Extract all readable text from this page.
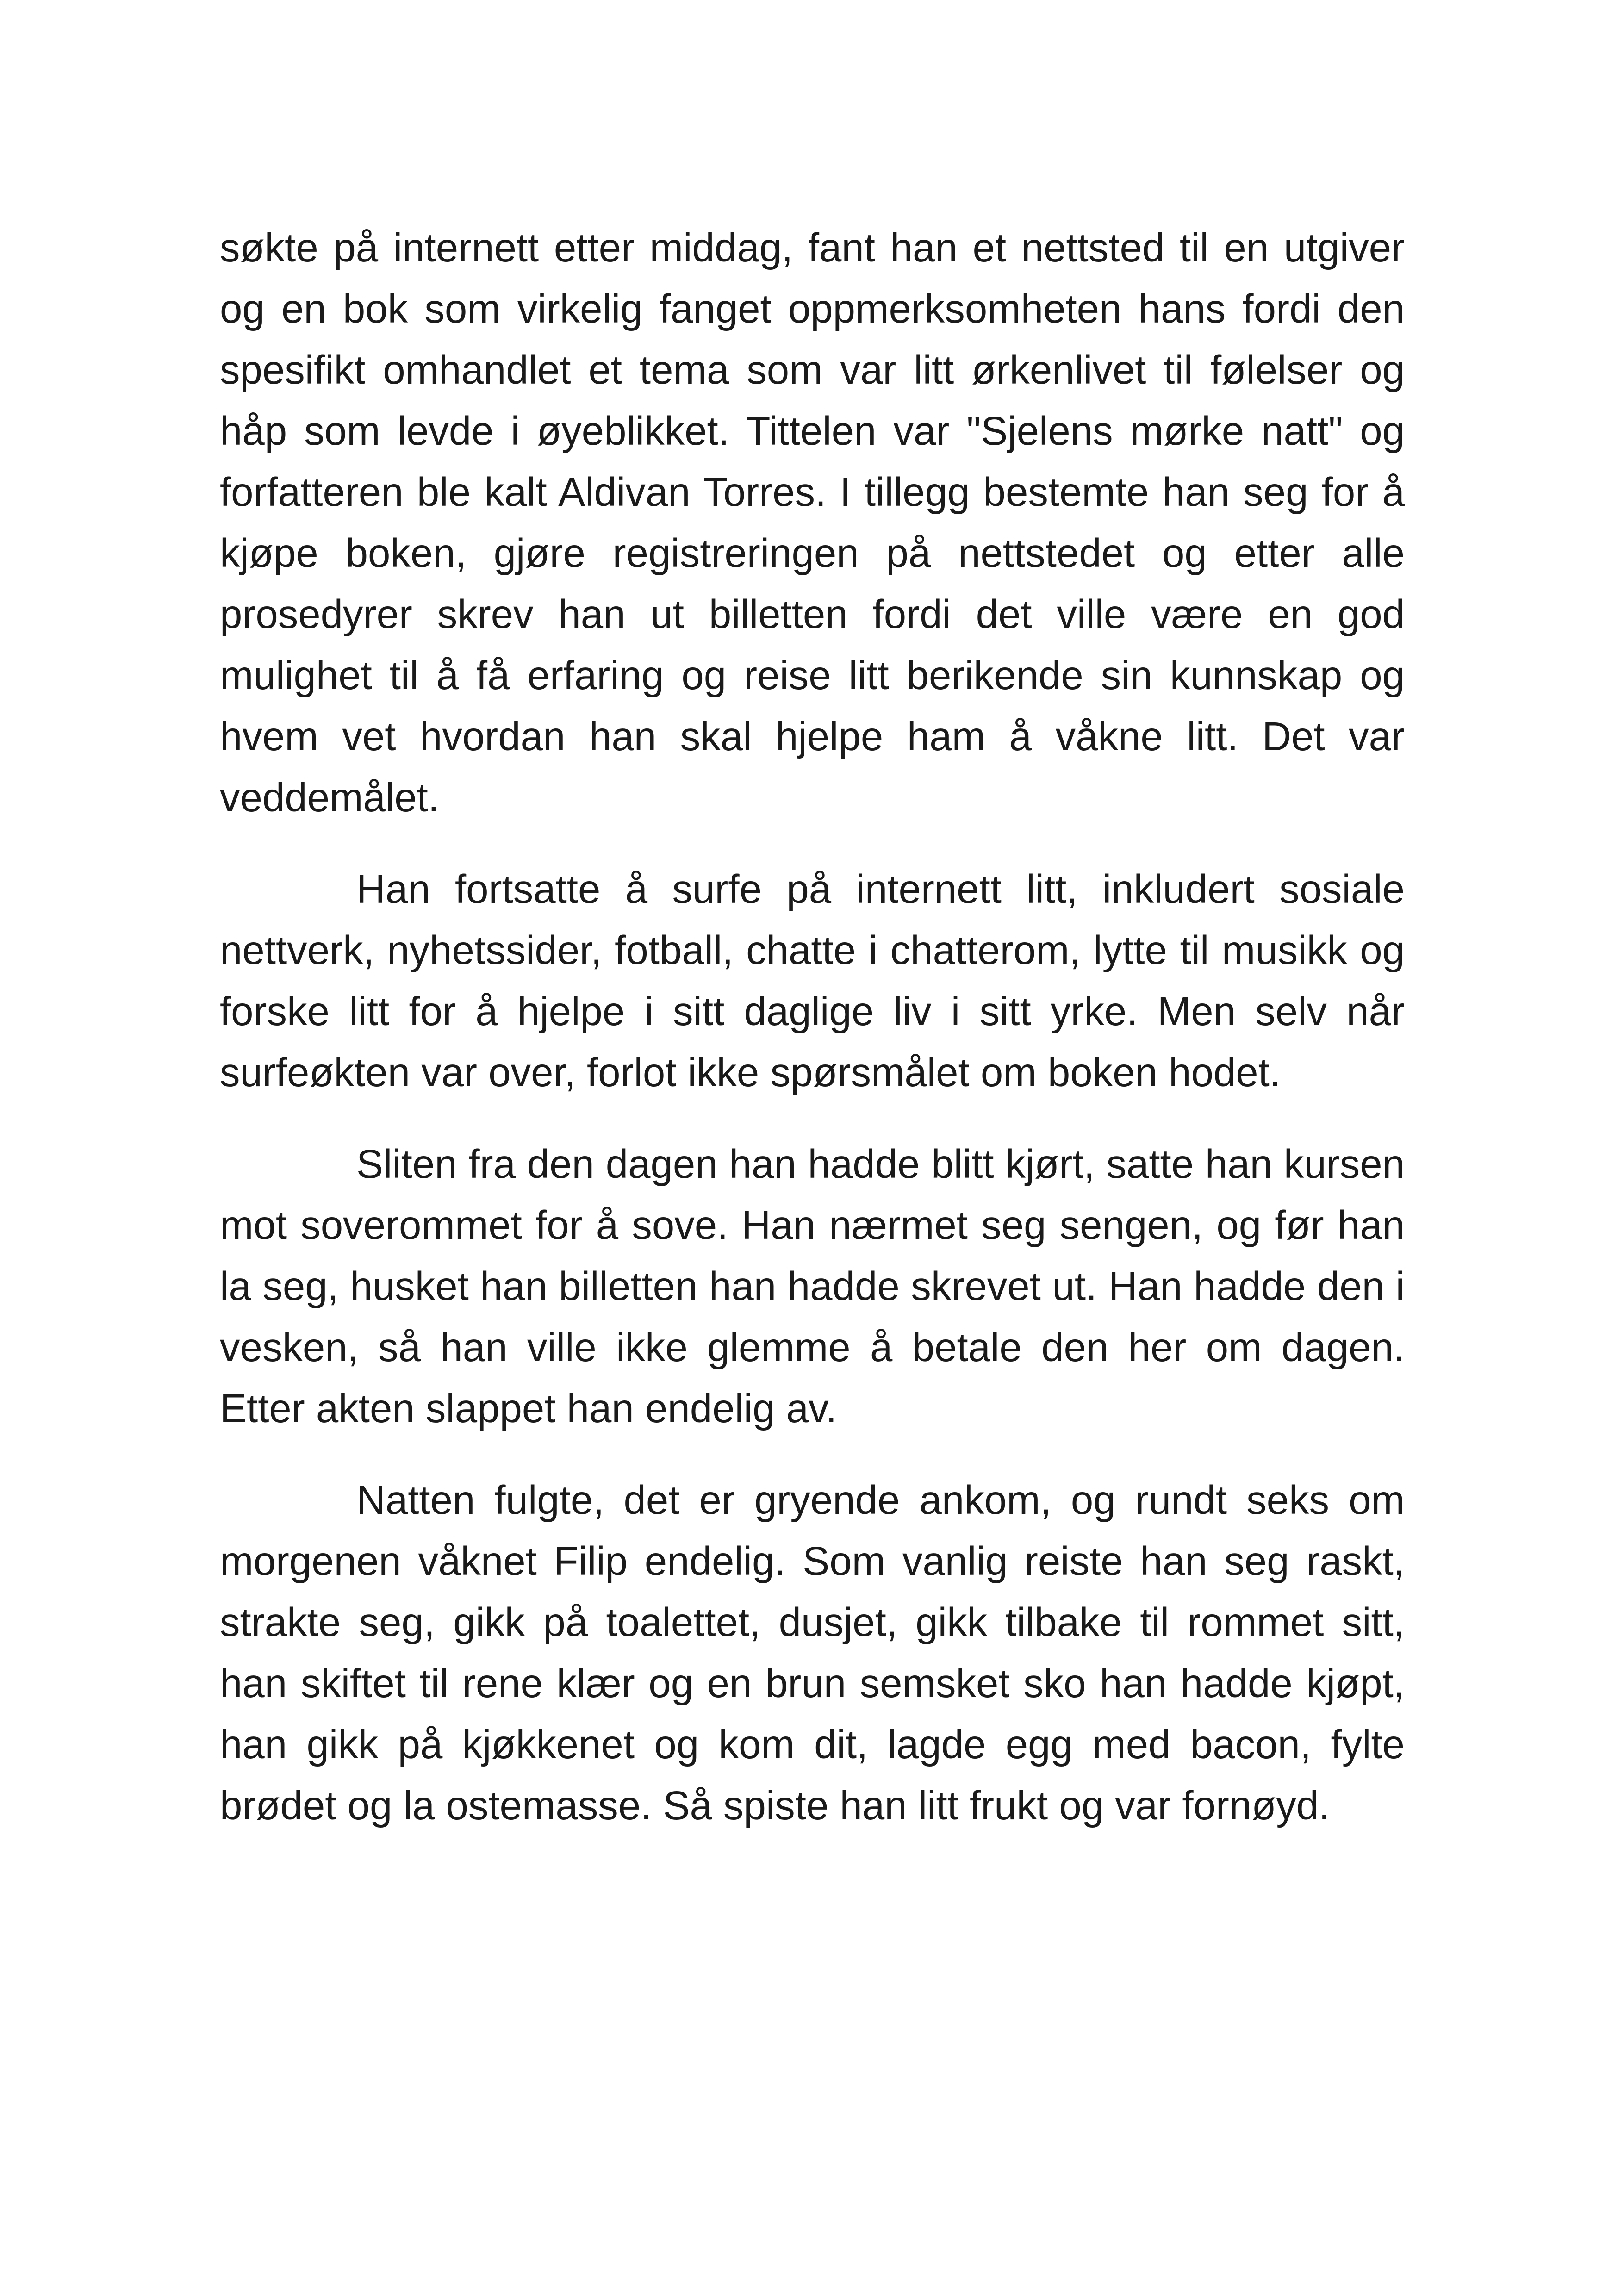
søkte på internett etter middag, fant han et nettsted til en utgiver og en bok som virkelig fanget oppmerksomheten hans fordi den spesifikt omhandlet et tema som var litt ørkenlivet til følelser og håp som levde i øyeblikket. Tittelen var "Sjelens mørke natt" og forfatteren ble kalt Aldivan Torres. I tillegg bestemte han seg for å kjøpe boken, gjøre registreringen på nettstedet og etter alle prosedyrer skrev han ut billetten fordi det ville være en god mulighet til å få erfaring og reise litt berikende sin kunnskap og hvem vet hvordan han skal hjelpe ham å våkne litt. Det var veddemålet.

Han fortsatte å surfe på internett litt, inkludert sosiale nettverk, nyhetssider, fotball, chatte i chatterom, lytte til musikk og forske litt for å hjelpe i sitt daglige liv i sitt yrke. Men selv når surfeøkten var over, forlot ikke spørsmålet om boken hodet.

Sliten fra den dagen han hadde blitt kjørt, satte han kursen mot soverommet for å sove. Han nærmet seg sengen, og før han la seg, husket han billetten han hadde skrevet ut. Han hadde den i vesken, så han ville ikke glemme å betale den her om dagen. Etter akten slappet han endelig av.

Natten fulgte, det er gryende ankom, og rundt seks om morgenen våknet Filip endelig. Som vanlig reiste han seg raskt, strakte seg, gikk på toalettet, dusjet, gikk tilbake til rommet sitt, han skiftet til rene klær og en brun semsket sko han hadde kjøpt, han gikk på kjøkkenet og kom dit, lagde egg med bacon, fylte brødet og la ostemasse. Så spiste han litt frukt og var fornøyd.
